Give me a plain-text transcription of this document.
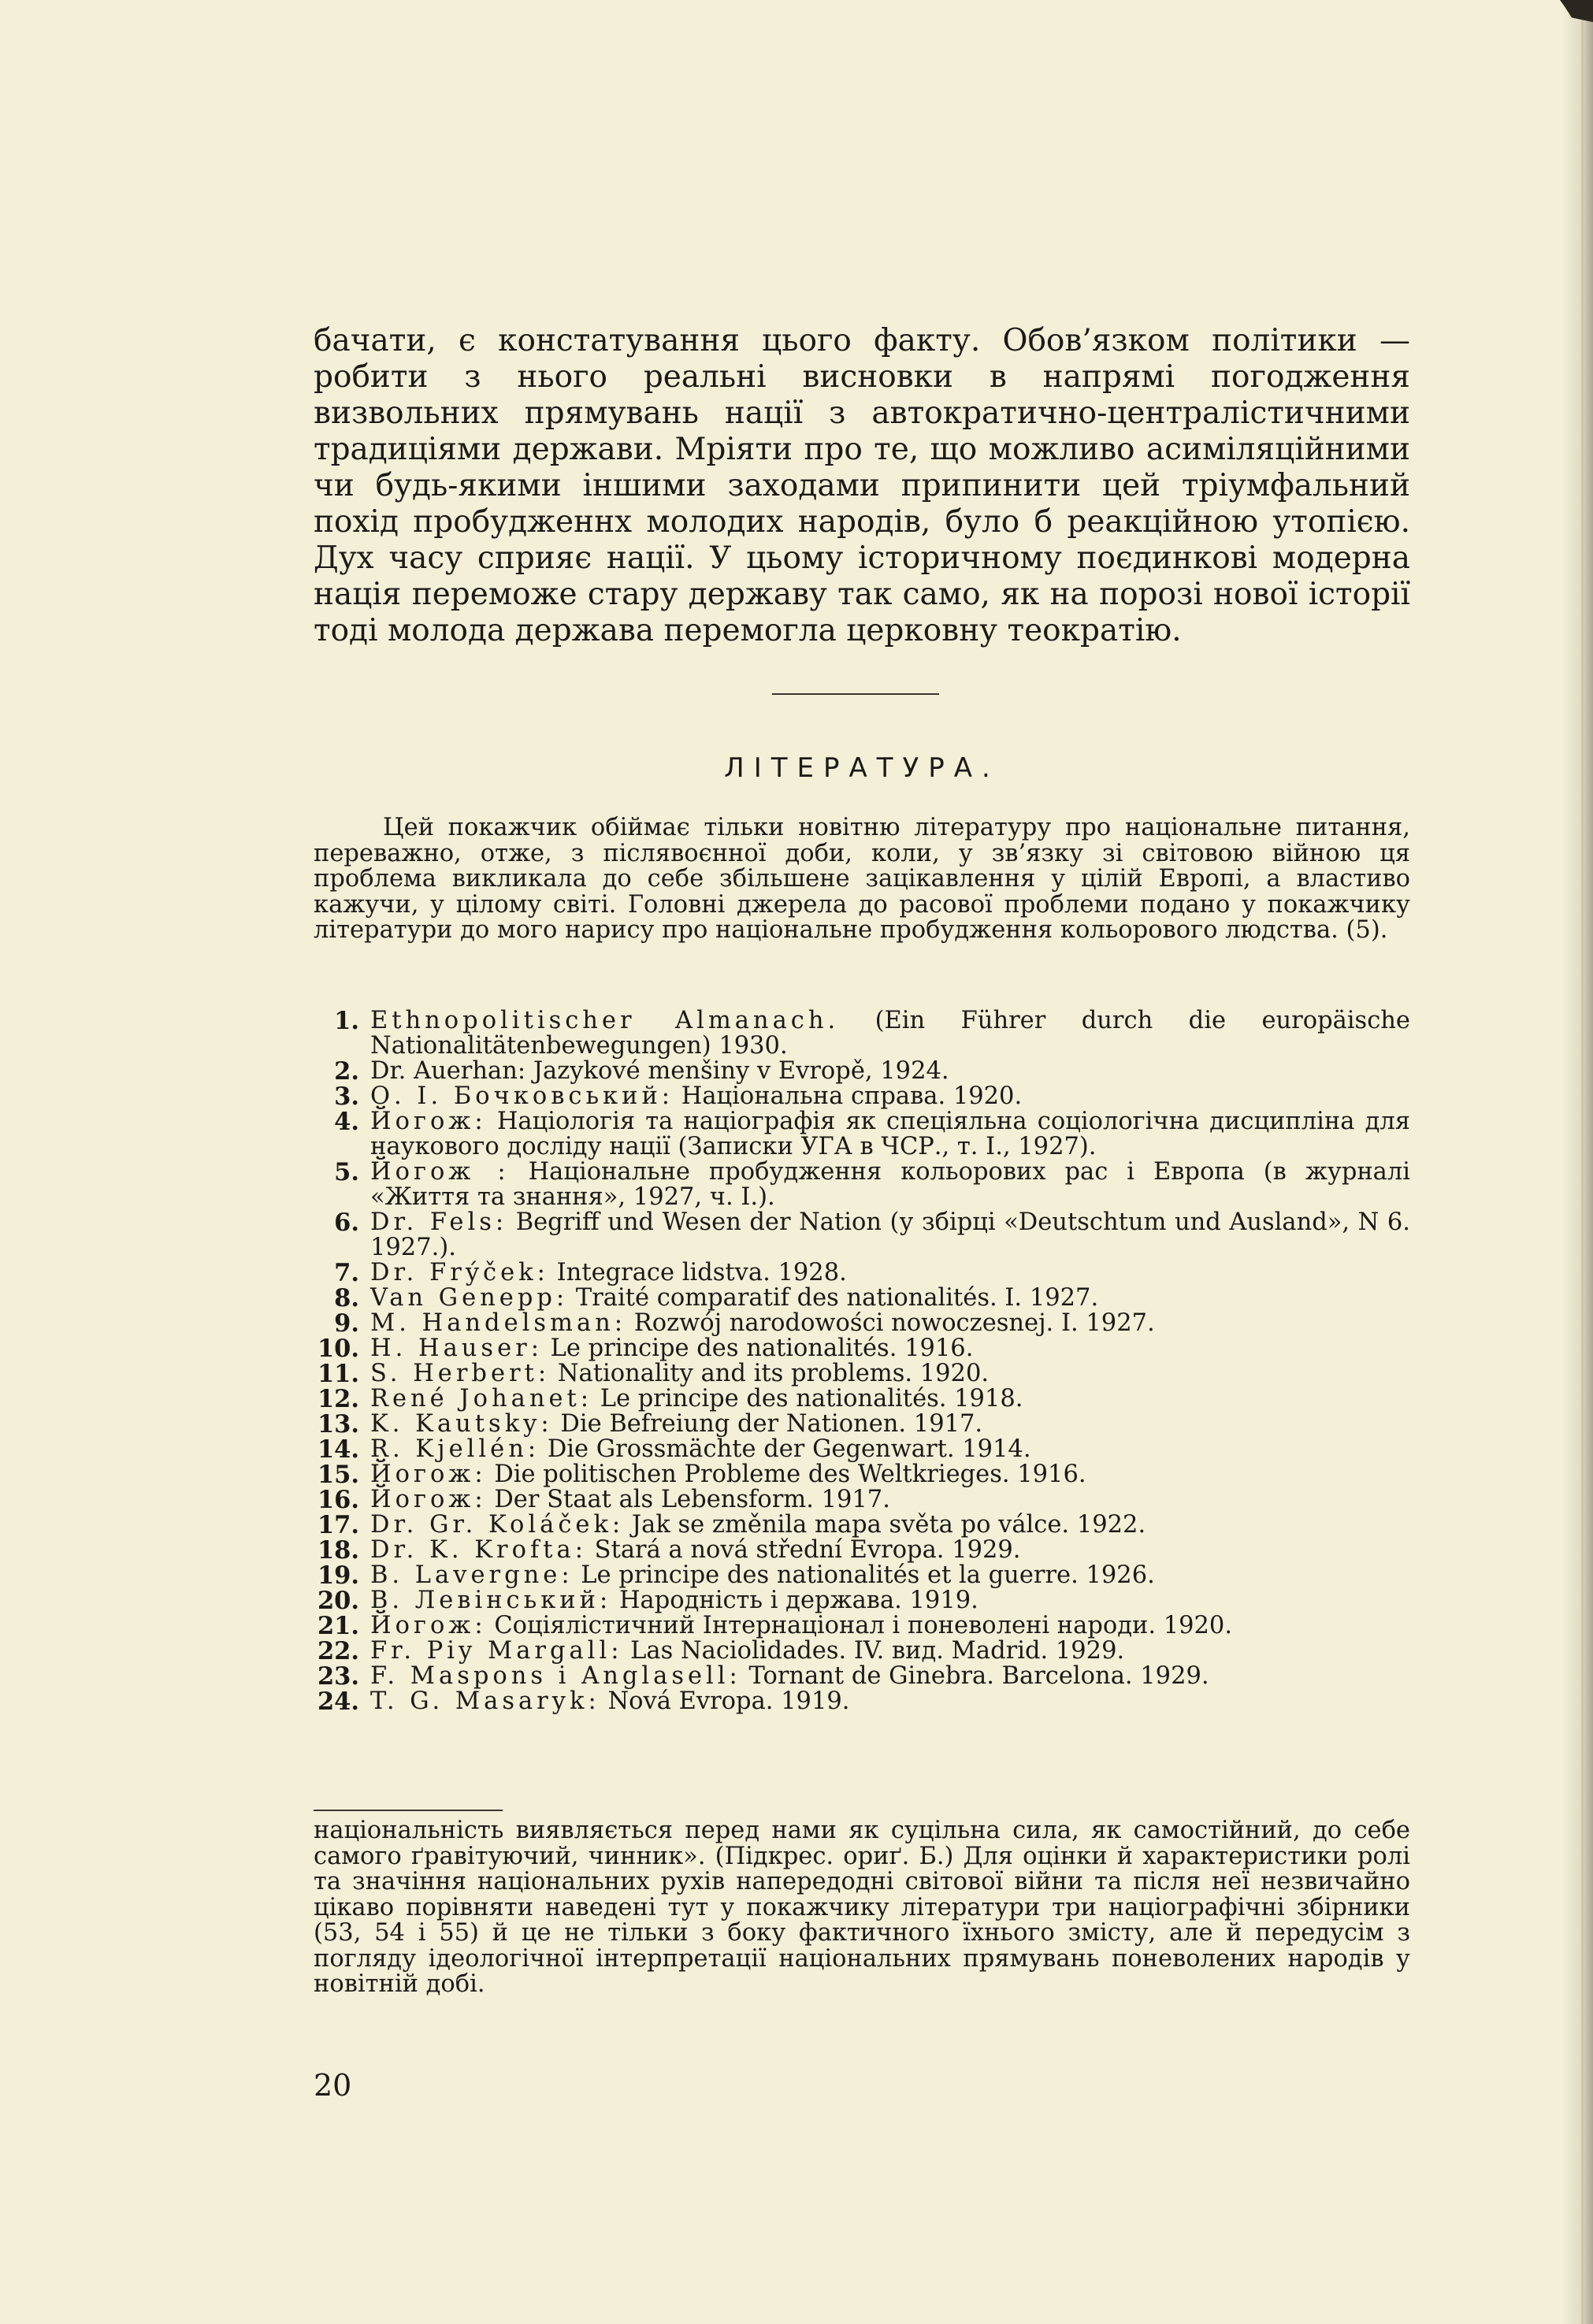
бачати, є констатування цього факту. Обов’язком політики — робити з нього реальні висновки в напрямі погодження визвольних прямувань нації з автократично-централістичними традиціями держави. Мріяти про те, що можливо асиміляційними чи будь-якими іншими заходами припинити цей тріумфальний похід пробудженнх молодих народів, було б реакційною утопією. Дух часу сприяє нації. У цьому історичному поєдинкові модерна нація переможе стару державу так само, як на порозі нової історії тоді молода держава перемогла церковну теократію.
ЛІТЕРАТУРА.
Цей покажчик обіймає тільки новітню літературу про національне питання, переважно, отже, з післявоєнної доби, коли, у зв’язку зі світовою війною ця проблема викликала до себе збільшене зацікавлення у цілій Европі, а властиво кажучи, у цілому світі. Головні джерела до расової проблеми подано у покажчику літератури до мого нарису про національне пробудження кольорового людства. (5).
1. Ethnopolitischer Almanach. (Ein Führer durch die europäische Nationalitätenbewegungen) 1930.
2. Dr. Auerhan: Jazykové menšiny v Evropě, 1924.
3. О. І. Бочковський: Національна справа. 1920.
4. Йогож: Націологія та націографія як спеціяльна соціологічна дисципліна для наукового досліду нації (Записки УГА в ЧСР., т. І., 1927).
5. Йогож : Національне пробудження кольорових рас і Европа (в журналі «Життя та знання», 1927, ч. І.).
6. Dr. Fels: Begriff und Wesen der Nation (у збірці «Deutschtum und Ausland», N 6. 1927.).
7. Dr. Frýček: Integrace lidstva. 1928.
8. Van Genepp: Traité comparatif des nationalités. I. 1927.
9. M. Handelsman: Rozwój narodowości nowoczesnej. I. 1927.
10. H. Hauser: Le principe des nationalités. 1916.
11. S. Herbert: Nationality and its problems. 1920.
12. René Johanet: Le principe des nationalités. 1918.
13. K. Kautsky: Die Befreiung der Nationen. 1917.
14. R. Kjellén: Die Grossmächte der Gegenwart. 1914.
15. Йогож: Die politischen Probleme des Weltkrieges. 1916.
16. Йогож: Der Staat als Lebensform. 1917.
17. Dr. Gr. Koláček: Jak se změnila mapa světa po válce. 1922.
18. Dr. K. Krofta: Stará a nová střední Evropa. 1929.
19. B. Lavergne: Le principe des nationalités et la guerre. 1926.
20. В. Левінський: Народність і держава. 1919.
21. Йогож: Соціялістичний Інтернаціонал і поневолені народи. 1920.
22. Fr. Piy Margall: Las Naciolidades. IV. вид. Madrid. 1929.
23. F. Maspons i Anglasell: Tornant de Ginebra. Barcelona. 1929.
24. T. G. Masaryk: Nová Evropa. 1919.
національність виявляється перед нами як суцільна сила, як самостійний, до себе самого ґравітуючий, чинник». (Підкрес. ориґ. Б.) Для оцінки й характеристики ролі та значіння національних рухів напередодні світової війни та після неї незвичайно цікаво порівняти наведені тут у покажчику літератури три націографічні збірники (53, 54 і 55) й це не тільки з боку фактичного їхнього змісту, але й передусім з погляду ідеологічної інтерпретації національних прямувань поневолених народів у новітній добі.
20
